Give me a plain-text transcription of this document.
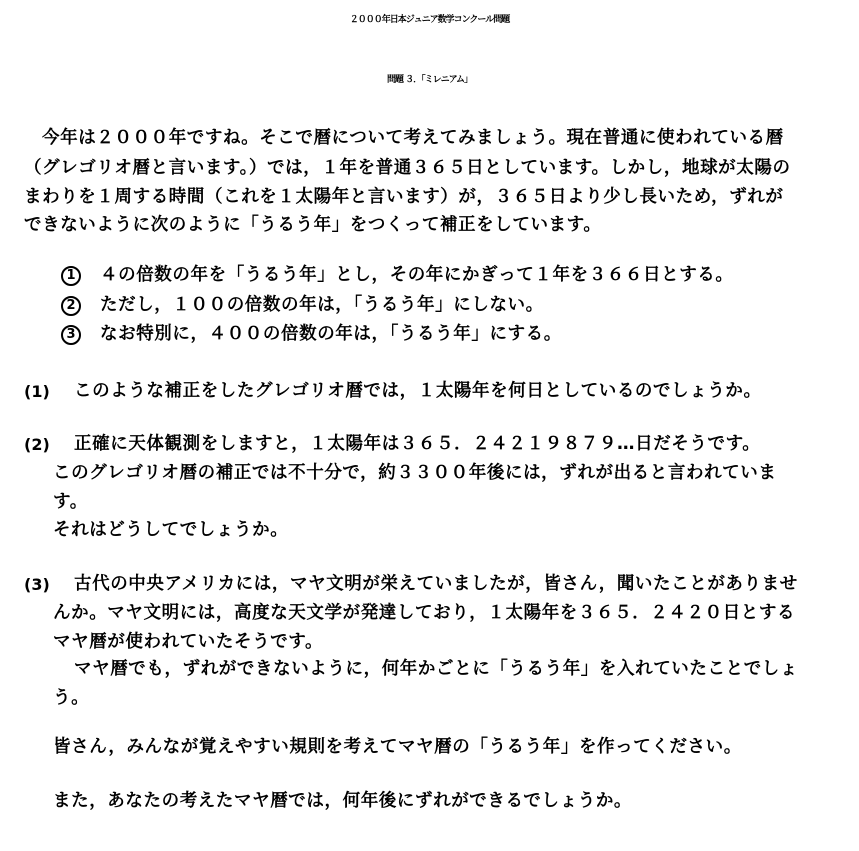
２０００年日本ジュニア数学コンクール問題
問題 ３．「ミレニアム」
今年は２０００年ですね。そこで暦について考えてみましょう。現在普通に使われている暦
（グレゴリオ暦と言います。）では，１年を普通３６５日としています。しかし，地球が太陽の
まわりを１周する時間（これを１太陽年と言います）が，３６５日より少し長いため，ずれが
できないように次のように「うるう年」をつくって補正をしています。
1	４の倍数の年を「うるう年」とし，その年にかぎって１年を３６６日とする。
2	ただし，１００の倍数の年は，「うるう年」にしない。
3	なお特別に，４００の倍数の年は，「うるう年」にする。
(1) このような補正をしたグレゴリオ暦では，１太陽年を何日としているのでしょうか。
(2) 正確に天体観測をしますと，１太陽年は３６５．２４２１９８７９…日だそうです。
このグレゴリオ暦の補正では不十分で，約３３００年後には，ずれが出ると言われていま
す。
それはどうしてでしょうか。
(3) 古代の中央アメリカには，マヤ文明が栄えていましたが，皆さん，聞いたことがありませ
んか。マヤ文明には，高度な天文学が発達しており，１太陽年を３６５．２４２０日とする
マヤ暦が使われていたそうです。
マヤ暦でも，ずれができないように，何年かごとに「うるう年」を入れていたことでしょ
う。
皆さん，みんなが覚えやすい規則を考えてマヤ暦の「うるう年」を作ってください。
また，あなたの考えたマヤ暦では，何年後にずれができるでしょうか。
